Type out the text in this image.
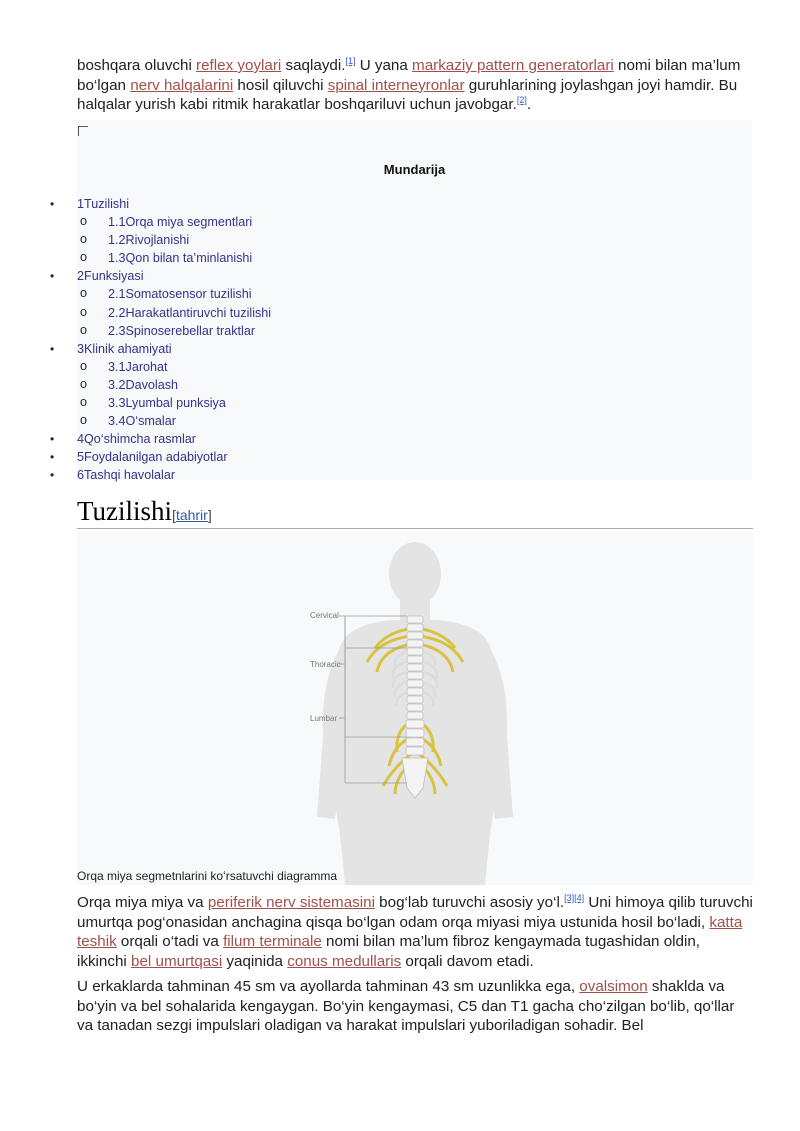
boshqara oluvchi reflex yoylari saqlaydi.[1] U yana markaziy pattern generatorlari nomi bilan ma’lum bo‘lgan nerv halqalarini hosil qiluvchi spinal interneyronlar guruhlarining joylashgan joyi hamdir. Bu halqalar yurish kabi ritmik harakatlar boshqariluvi uchun javobgar.[2].

Mundarija
• 1Tuzilishi
o 1.1Orqa miya segmentlari
o 1.2Rivojlanishi
o 1.3Qon bilan ta’minlanishi
• 2Funksiyasi
o 2.1Somatosensor tuzilishi
o 2.2Harakatlantiruvchi tuzilishi
o 2.3Spinoserebellar traktlar
• 3Klinik ahamiyati
o 3.1Jarohat
o 3.2Davolash
o 3.3Lyumbal punksiya
o 3.4O‘smalar
• 4Qo‘shimcha rasmlar
• 5Foydalanilgan adabiyotlar
• 6Tashqi havolalar
Tuzilishi[tahrir]
Cervical
Thoracic
Lumbar
Orqa miya segmetnlarini koʻrsatuvchi diagramma

Orqa miya miya va periferik nerv sistemasini bog‘lab turuvchi asosiy yo‘l.[3][4] Uni himoya qilib turuvchi umurtqa pog‘onasidan anchagina qisqa bo‘lgan odam orqa miyasi miya ustunida hosil bo‘ladi, katta teshik orqali o‘tadi va filum terminale nomi bilan ma’lum fibroz kengaymada tugashidan oldin, ikkinchi bel umurtqasi yaqinida conus medullaris orqali davom etadi.

U erkaklarda tahminan 45 sm va ayollarda tahminan 43 sm uzunlikka ega, ovalsimon shaklda va bo‘yin va bel sohalarida kengaygan. Bo‘yin kengaymasi, C5 dan T1 gacha cho‘zilgan bo‘lib, qo‘llar va tanadan sezgi impulslari oladigan va harakat impulslari yuboriladigan sohadir. Bel
